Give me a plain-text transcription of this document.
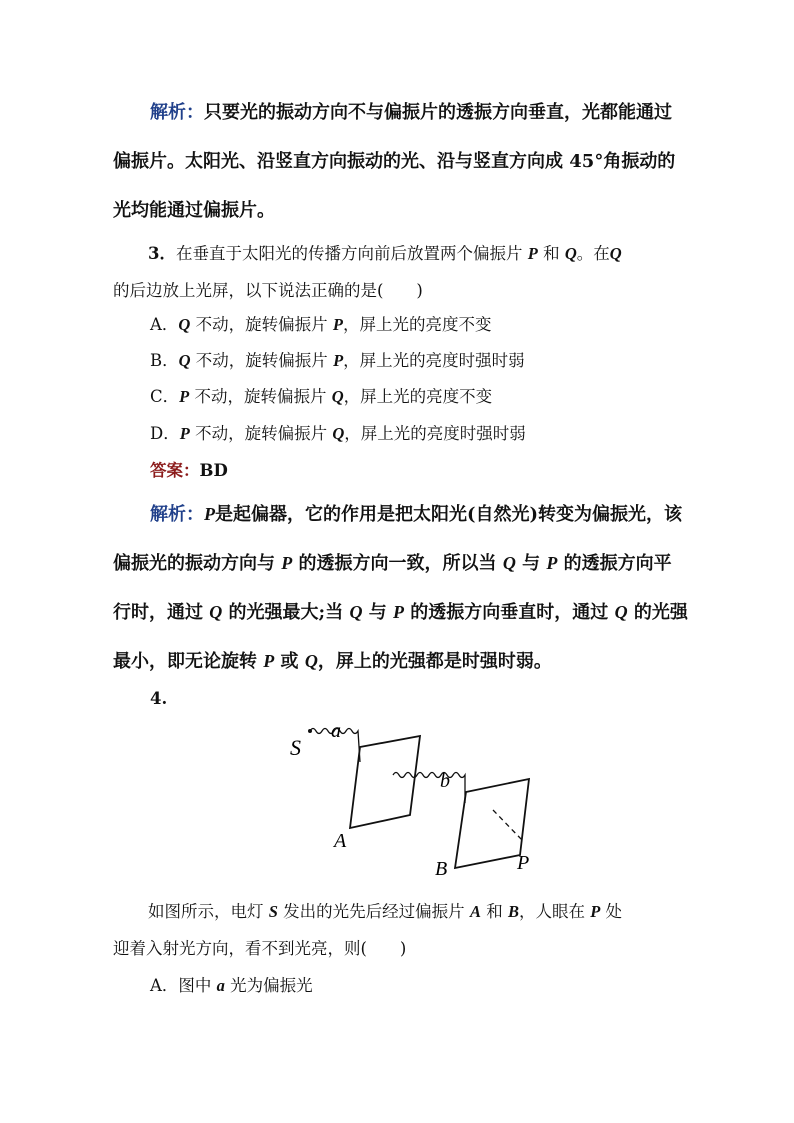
解析：只要光的振动方向不与偏振片的透振方向垂直，光都能通过偏振片。太阳光、沿竖直方向振动的光、沿与竖直方向成 45°角振动的光均能通过偏振片。

3．在垂直于太阳光的传播方向前后放置两个偏振片 P 和 Q。在Q
的后边放上光屏，以下说法正确的是(　　)

A．Q 不动，旋转偏振片 P，屏上光的亮度不变
B．Q 不动，旋转偏振片 P，屏上光的亮度时强时弱
C．P 不动，旋转偏振片 Q，屏上光的亮度不变
D．P 不动，旋转偏振片 Q，屏上光的亮度时强时弱
答案：BD

解析：P是起偏器，它的作用是把太阳光(自然光)转变为偏振光，该偏振光的振动方向与 P 的透振方向一致，所以当 Q 与 P 的透振方向平行时，通过 Q 的光强最大;当 Q 与 P 的透振方向垂直时，通过 Q 的光强最小，即无论旋转 P 或 Q，屏上的光强都是时强时弱。

4.
S
a
b
A
B	P

如图所示，电灯 S 发出的光先后经过偏振片 A 和 B，人眼在 P 处
迎着入射光方向，看不到光亮，则(　　)

A．图中 a 光为偏振光
